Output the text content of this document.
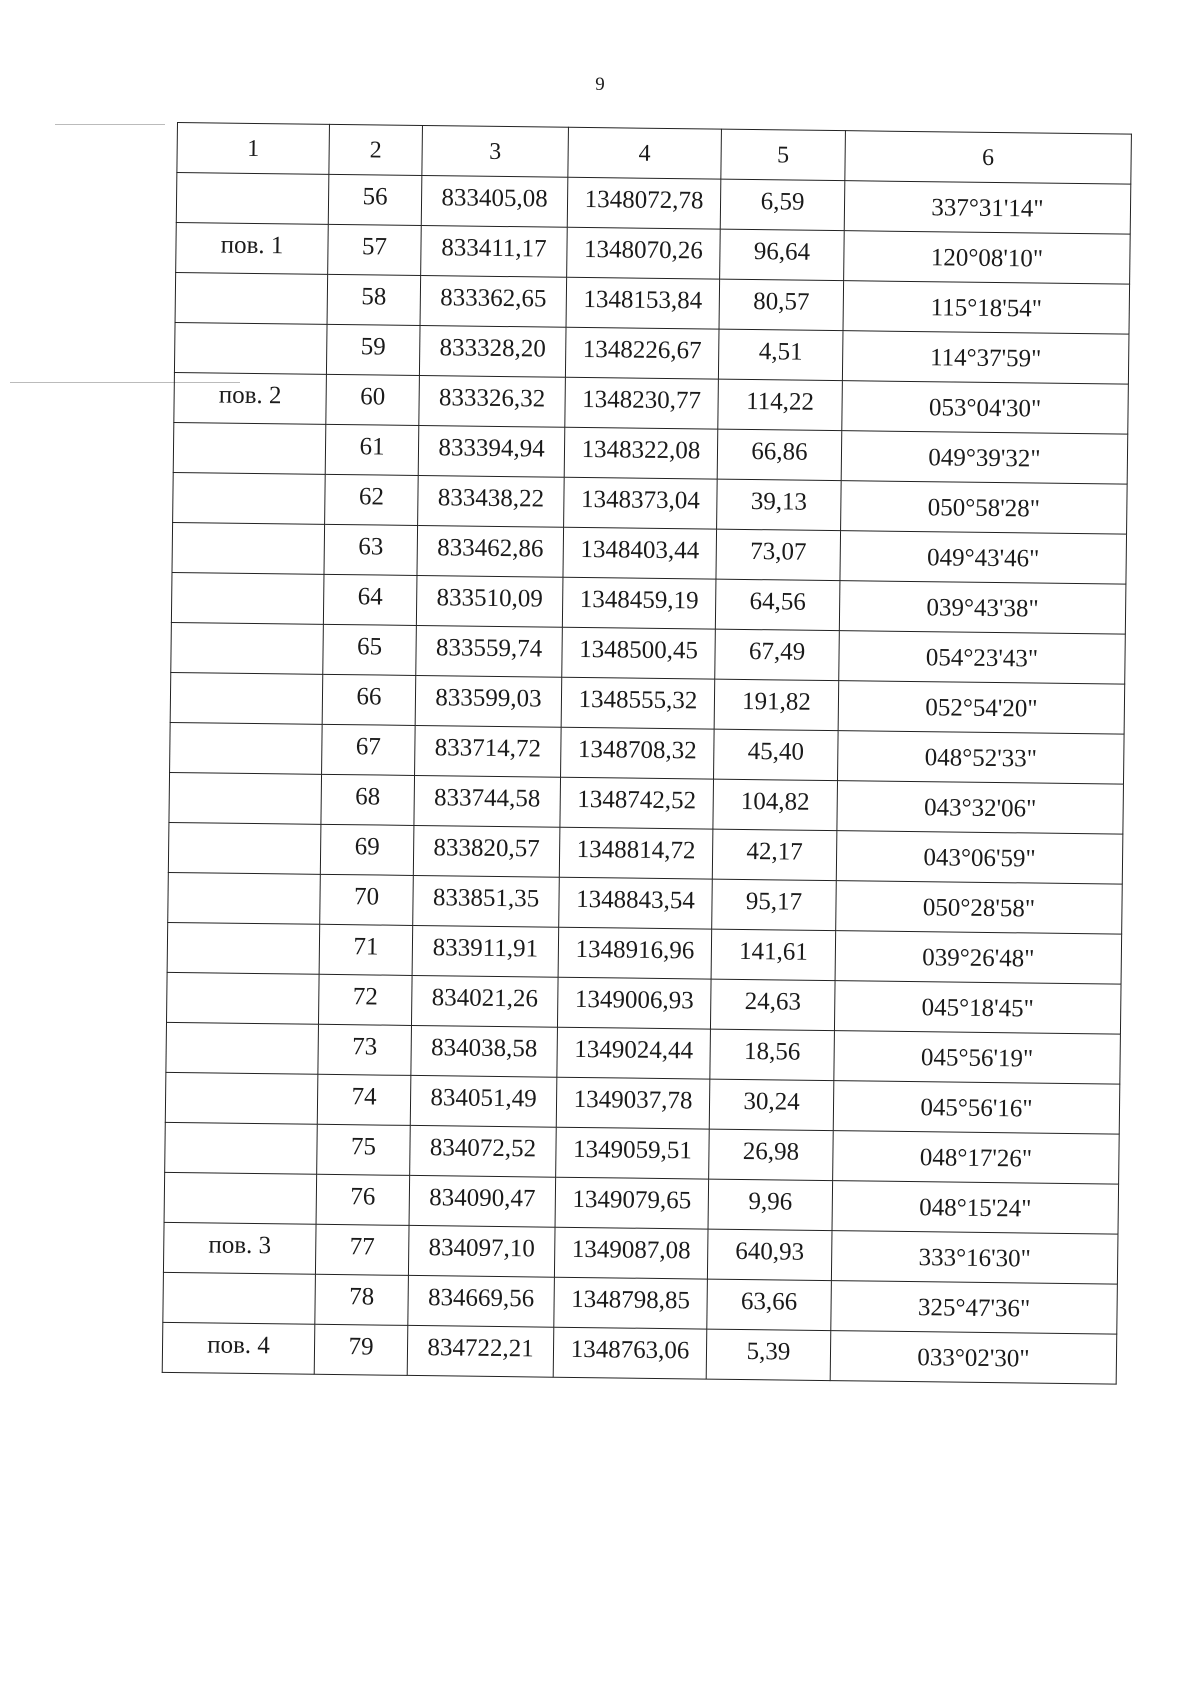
9
1	2	3	4	5	6
	56	833405,08	1348072,78	6,59	337°31'14"
пов. 1	57	833411,17	1348070,26	96,64	120°08'10"
	58	833362,65	1348153,84	80,57	115°18'54"
	59	833328,20	1348226,67	4,51	114°37'59"
пов. 2	60	833326,32	1348230,77	114,22	053°04'30"
	61	833394,94	1348322,08	66,86	049°39'32"
	62	833438,22	1348373,04	39,13	050°58'28"
	63	833462,86	1348403,44	73,07	049°43'46"
	64	833510,09	1348459,19	64,56	039°43'38"
	65	833559,74	1348500,45	67,49	054°23'43"
	66	833599,03	1348555,32	191,82	052°54'20"
	67	833714,72	1348708,32	45,40	048°52'33"
	68	833744,58	1348742,52	104,82	043°32'06"
	69	833820,57	1348814,72	42,17	043°06'59"
	70	833851,35	1348843,54	95,17	050°28'58"
	71	833911,91	1348916,96	141,61	039°26'48"
	72	834021,26	1349006,93	24,63	045°18'45"
	73	834038,58	1349024,44	18,56	045°56'19"
	74	834051,49	1349037,78	30,24	045°56'16"
	75	834072,52	1349059,51	26,98	048°17'26"
	76	834090,47	1349079,65	9,96	048°15'24"
пов. 3	77	834097,10	1349087,08	640,93	333°16'30"
	78	834669,56	1348798,85	63,66	325°47'36"
пов. 4	79	834722,21	1348763,06	5,39	033°02'30"
